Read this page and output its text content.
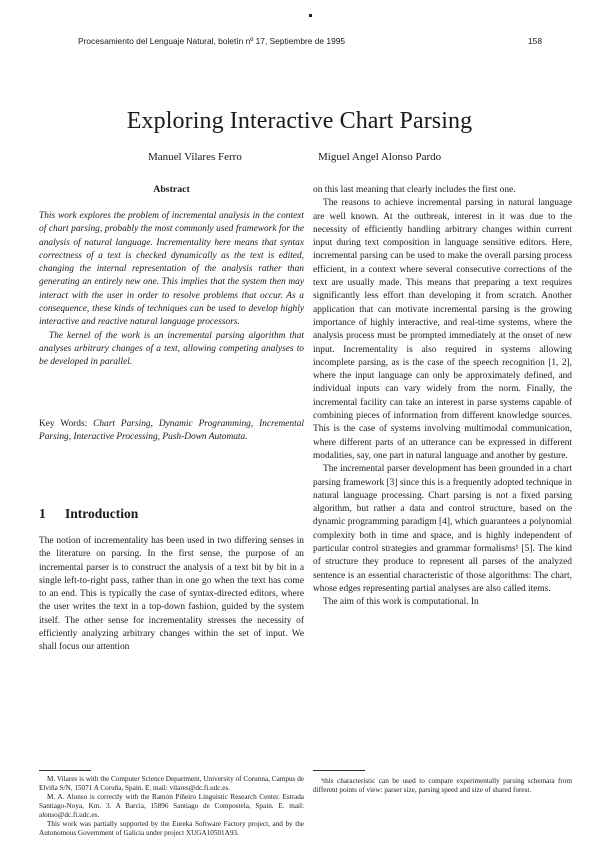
Procesamiento del Lenguaje Natural, boletín nº 17, Septiembre de 1995	158
Exploring Interactive Chart Parsing
Manuel Vilares Ferro	Miguel Angel Alonso Pardo
Abstract

This work explores the problem of incremental analysis in the context of chart parsing, probably the most commonly used framework for the analysis of natural language. Incrementality here means that syntax correctness of a text is checked dynamically as the text is edited, changing the internal representation of the analysis rather than generating an entirely new one. This implies that the system then may interact with the user in order to resolve problems that occur. As a consequence, these kinds of techniques can be used to develop highly interactive and reactive natural language processors.

The kernel of the work is an incremental parsing algorithm that analyses arbitrary changes of a text, allowing competing analyses to be developed in parallel.

Key Words: Chart Parsing, Dynamic Programming, Incremental Parsing, Interactive Processing, Push-Down Automata.
1 Introduction

The notion of incrementality has been used in two differing senses in the literature on parsing. In the first sense, the purpose of an incremental parser is to construct the analysis of a text bit by bit in a single left-to-right pass, rather than in one go when the text has come to an end. This is typically the case of syntax-directed editors, where the user writes the text in a top-down fashion, guided by the system itself. The other sense for incrementality stresses the necessity of efficiently analyzing arbitrary changes within the set of input. We shall focus our attention

M. Vilares is with the Computer Science Department, University of Corunna, Campus de Elviña S/N, 15071 A Coruña, Spain. E. mail: vilares@dc.fi.udc.es.

M. A. Alonso is correctly with the Ramón Piñeiro Linguistic Research Center. Estrada Santiago-Noya, Km. 3. A Barcia, 15896 Santiago de Compostela, Spain. E. mail: alonso@dc.fi.udc.es.

This work was partially supported by the Eureka Software Factory project, and by the Autonomous Government of Galicia under project XUGA10501A93.

on this last meaning that clearly includes the first one.

The reasons to achieve incremental parsing in natural language are well known. At the outbreak, interest in it was due to the necessity of efficiently handling arbitrary changes within current input during text composition in language sensitive editors. Here, incremental parsing can be used to make the overall parsing process efficient, in a context where several consecutive corrections of the text are usually made. This means that preparing a text requires significantly less effort than developing it from scratch. Another application that can motivate incremental parsing is the growing importance of highly interactive, and real-time systems, where the analysis process must be prompted immediately at the onset of new input. Incrementality is also required in systems allowing incomplete parsing, as is the case of the speech recognition [1, 2], where the input language can only be approximately defined, and individual inputs can vary widely from the norm. Finally, the incremental facility can take an interest in parse systems capable of combining pieces of information from different knowledge sources. This is the case of systems involving multimodal communication, where different parts of an utterance can be expressed in different modalities, say, one part in natural language and another by gesture.

The incremental parser development has been grounded in a chart parsing framework [3] since this is a frequently adopted technique in natural language processing. Chart parsing is not a fixed parsing algorithm, but rather a data and control structure, based on the dynamic programming paradigm [4], which guarantees a polynomial complexity both in time and space, and is highly independent of particular control strategies and grammar formalisms¹ [5]. The kind of structure they produce to represent all parses of the analyzed sentence is an essential characteristic of those algorithms: The chart, whose edges representing partial analyses are also called items.

The aim of this work is computational. In

¹this characteristic can be used to compare experimentally parsing schemata from different points of view: parser size, parsing speed and size of shared forest.
